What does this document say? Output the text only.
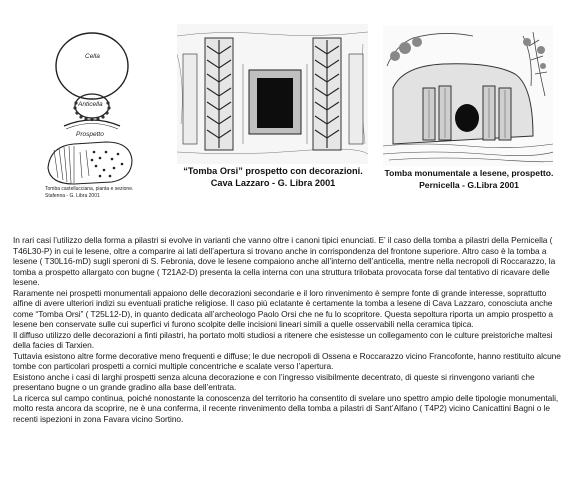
Cella
Anticella
Prospetto
Tomba castellucciana, pianta e sezione. Stafenna - G. Libra 2001
“Tomba Orsi” prospetto con decorazioni.
Cava Lazzaro - G. Libra 2001
Tomba monumentale a lesene, prospetto.
Pernicella - G.Libra 2001

In rari casi l’utilizzo della forma a pilastri si evolve in varianti che vanno oltre i canoni tipici enunciati. E’ il caso della tomba a pilastri della Pernicella ( T46L30-P) in cui le lesene, oltre a comparire ai lati dell’apertura si trovano anche in corrispondenza del frontone superiore. Altro caso è la tomba a lesene ( T30L16-mD) sugli speroni di S. Febronia, dove le lesene compaiono anche all’interno dell’anticella, mentre nella necropoli di Roccarazzo, la tomba a prospetto allargato con bugne ( T21A2-D) presenta la cella interna con una struttura trilobata provocata forse dal tentativo di ricavare delle lesene.

Raramente nei prospetti monumentali appaiono delle decorazioni secondarie e il loro rinvenimento è sempre fonte di grande interesse, soprattutto alfine di avere ulteriori indizi su eventuali pratiche religiose. Il caso più eclatante è certamente la tomba a lesene di Cava Lazzaro, conosciuta anche come “Tomba Orsi” ( T25L12-D), in quanto dedicata all’archeologo Paolo Orsi che ne fu lo scopritore. Questa sepoltura riporta un ampio prospetto a lesene ben conservate sulle cui superfici vi furono scolpite delle incisioni lineari simili a quelle osservabili nella ceramica tipica.

Il diffuso utilizzo delle decorazioni a finti pilastri, ha portato molti studiosi a ritenere che esistesse un collegamento con le culture preistoriche maltesi della facies di Tarxien.

Tuttavia esistono altre forme decorative meno frequenti e diffuse; le due necropoli di Ossena e Roccarazzo vicino Francofonte, hanno restituito alcune tombe con particolari prospetti a cornici multiple concentriche e scalate verso l’apertura.

Esistono anche i casi di larghi prospetti senza alcuna decorazione e con l’ingresso visibilmente decentrato, di queste si rinvengono varianti che presentano bugne o un grande gradino alla base dell’entrata.

La ricerca sul campo continua, poiché nonostante la conoscenza del territorio ha consentito di svelare uno spettro ampio delle tipologie monumentali, molto resta ancora da scoprire, ne è una conferma, il recente rinvenimento della tomba a pilastri di Sant’Alfano ( T4P2) vicino Canicattini Bagni o le recenti ispezioni in zona Favara vicino Sortino.
